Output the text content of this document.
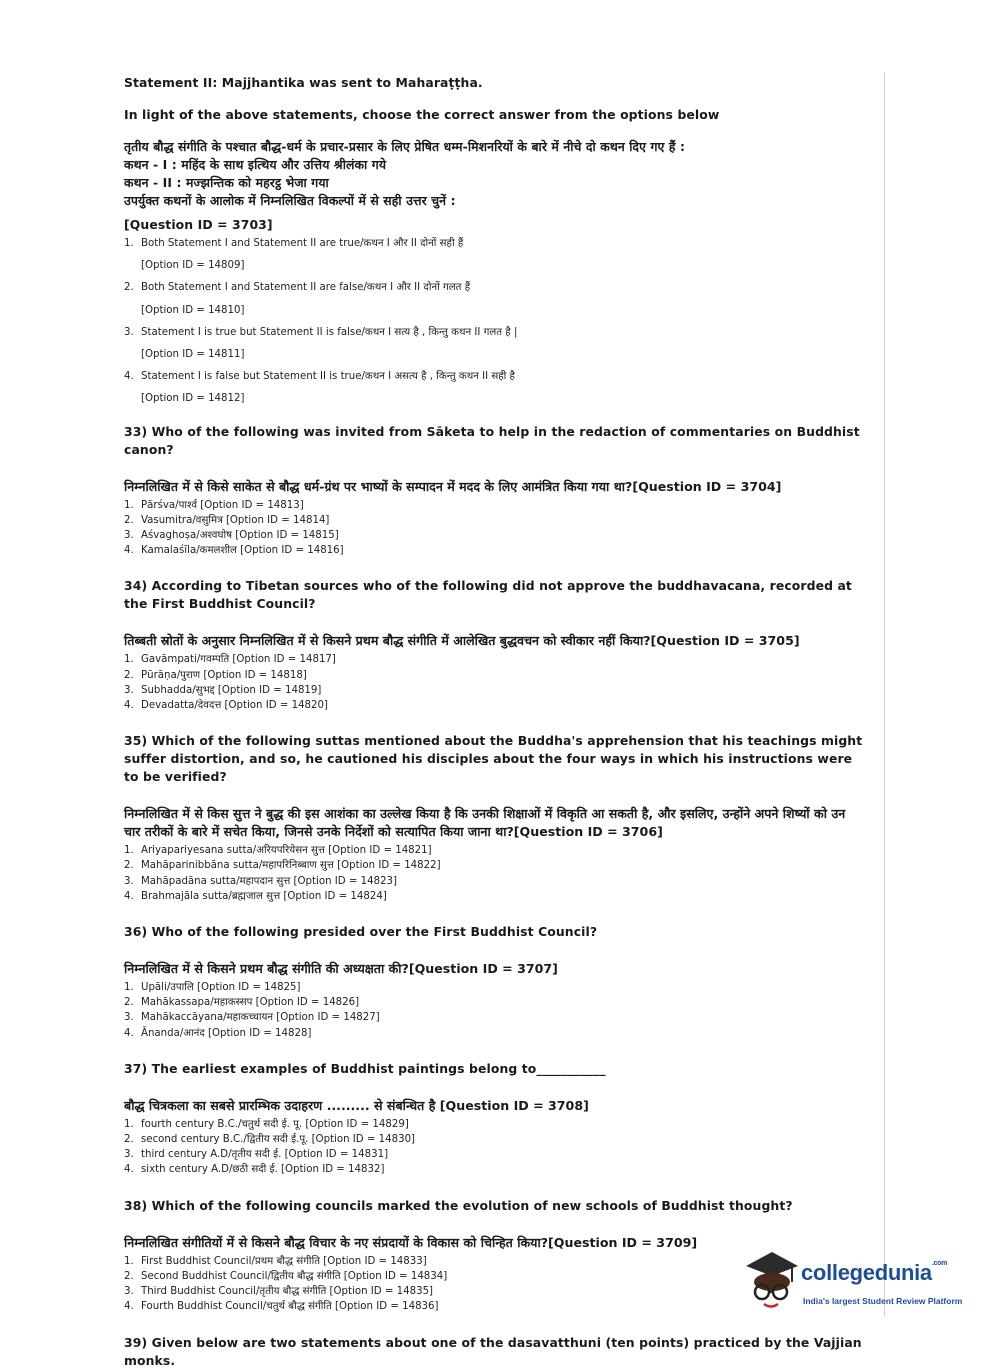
Statement II: Majjhantika was sent to Maharaṭṭha.
In light of the above statements, choose the correct answer from the options below
तृतीय बौद्ध संगीति के पश्चात बौद्ध-धर्म के प्रचार-प्रसार के लिए प्रेषित धम्म-मिशनरियों के बारे में नीचे दो कथन दिए गए हैं :
कथन - I : महिंद के साथ इत्थिय और उत्तिय श्रीलंका गये
कथन - II : मज्झन्तिक को महरट्ठ भेजा गया
उपर्युक्त कथनों के आलोक में निम्नलिखित विकल्पों में से सही उत्तर चुनें :
[Question ID = 3703]
1. Both Statement I and Statement II are true/कथन I और II दोनों सही हैं
[Option ID = 14809]
2. Both Statement I and Statement II are false/कथन I और II दोनों गलत हैं
[Option ID = 14810]
3. Statement I is true but Statement II is false/कथन I सत्य है , किन्तु कथन II गलत है |
[Option ID = 14811]
4. Statement I is false but Statement II is true/कथन I असत्य है , किन्तु कथन II सही है
[Option ID = 14812]
33) Who of the following was invited from Sāketa to help in the redaction of commentaries on Buddhist canon?
निम्नलिखित में से किसे साकेत से बौद्ध धर्म-ग्रंथ पर भाष्यों के सम्पादन में मदद के लिए आमंत्रित किया गया था?[Question ID = 3704]
1. Pārśva/पार्श्व [Option ID = 14813]
2. Vasumitra/वसुमित्र [Option ID = 14814]
3. Aśvaghoṣa/अश्वघोष [Option ID = 14815]
4. Kamalaśīla/कमलशील [Option ID = 14816]
34) According to Tibetan sources who of the following did not approve the buddhavacana, recorded at the First Buddhist Council?
तिब्बती स्रोतों के अनुसार निम्नलिखित में से किसने प्रथम बौद्ध संगीति में आलेखित बुद्धवचन को स्वीकार नहीं किया?[Question ID = 3705]
1. Gavāmpati/गवम्पति [Option ID = 14817]
2. Pūrāṇa/पुराण [Option ID = 14818]
3. Subhadda/सुभद्द [Option ID = 14819]
4. Devadatta/देवदत्त [Option ID = 14820]
35) Which of the following suttas mentioned about the Buddha's apprehension that his teachings might suffer distortion, and so, he cautioned his disciples about the four ways in which his instructions were to be verified?
निम्नलिखित में से किस सुत्त ने बुद्ध की इस आशंका का उल्लेख किया है कि उनकी शिक्षाओं में विकृति आ सकती है, और इसलिए, उन्होंने अपने शिष्यों को उन चार तरीकों के बारे में सचेत किया, जिनसे उनके निर्देशों को सत्यापित किया जाना था?[Question ID = 3706]
1. Ariyapariyesana sutta/अरियपरियेसन सुत्त [Option ID = 14821]
2. Mahāparinibbāna sutta/महापरिनिब्बाण सुत्त [Option ID = 14822]
3. Mahāpadāna sutta/महापदान सुत्त [Option ID = 14823]
4. Brahmajāla sutta/ब्रह्मजाल सुत्त [Option ID = 14824]
36) Who of the following presided over the First Buddhist Council?
निम्नलिखित में से किसने प्रथम बौद्ध संगीति की अध्यक्षता की?[Question ID = 3707]
1. Upāli/उपालि [Option ID = 14825]
2. Mahākassapa/महाकस्सप [Option ID = 14826]
3. Mahākaccāyana/महाकच्चायन [Option ID = 14827]
4. Ānanda/आनंद [Option ID = 14828]
37) The earliest examples of Buddhist paintings belong to___________
बौद्ध चित्रकला का सबसे प्रारम्भिक उदाहरण ......... से संबन्धित है [Question ID = 3708]
1. fourth century B.C./चतुर्थ सदी ई. पू. [Option ID = 14829]
2. second century B.C./द्वितीय सदी ई.पू. [Option ID = 14830]
3. third century A.D/तृतीय सदी ई. [Option ID = 14831]
4. sixth century A.D/छठी सदी ई. [Option ID = 14832]
38) Which of the following councils marked the evolution of new schools of Buddhist thought?
निम्नलिखित संगीतियों में से किसने बौद्ध विचार के नए संप्रदायों के विकास को चिन्हित किया?[Question ID = 3709]
1. First Buddhist Council/प्रथम बौद्ध संगीति [Option ID = 14833]
2. Second Buddhist Council/द्वितीय बौद्ध संगीति [Option ID = 14834]
3. Third Buddhist Council/तृतीय बौद्ध संगीति [Option ID = 14835]
4. Fourth Buddhist Council/चतुर्थ बौद्ध संगीति [Option ID = 14836]
39) Given below are two statements about one of the dasavatthuni (ten points) practiced by the Vajjian monks.
collegedunia$^{.com}$
India's largest Student Review Platform
